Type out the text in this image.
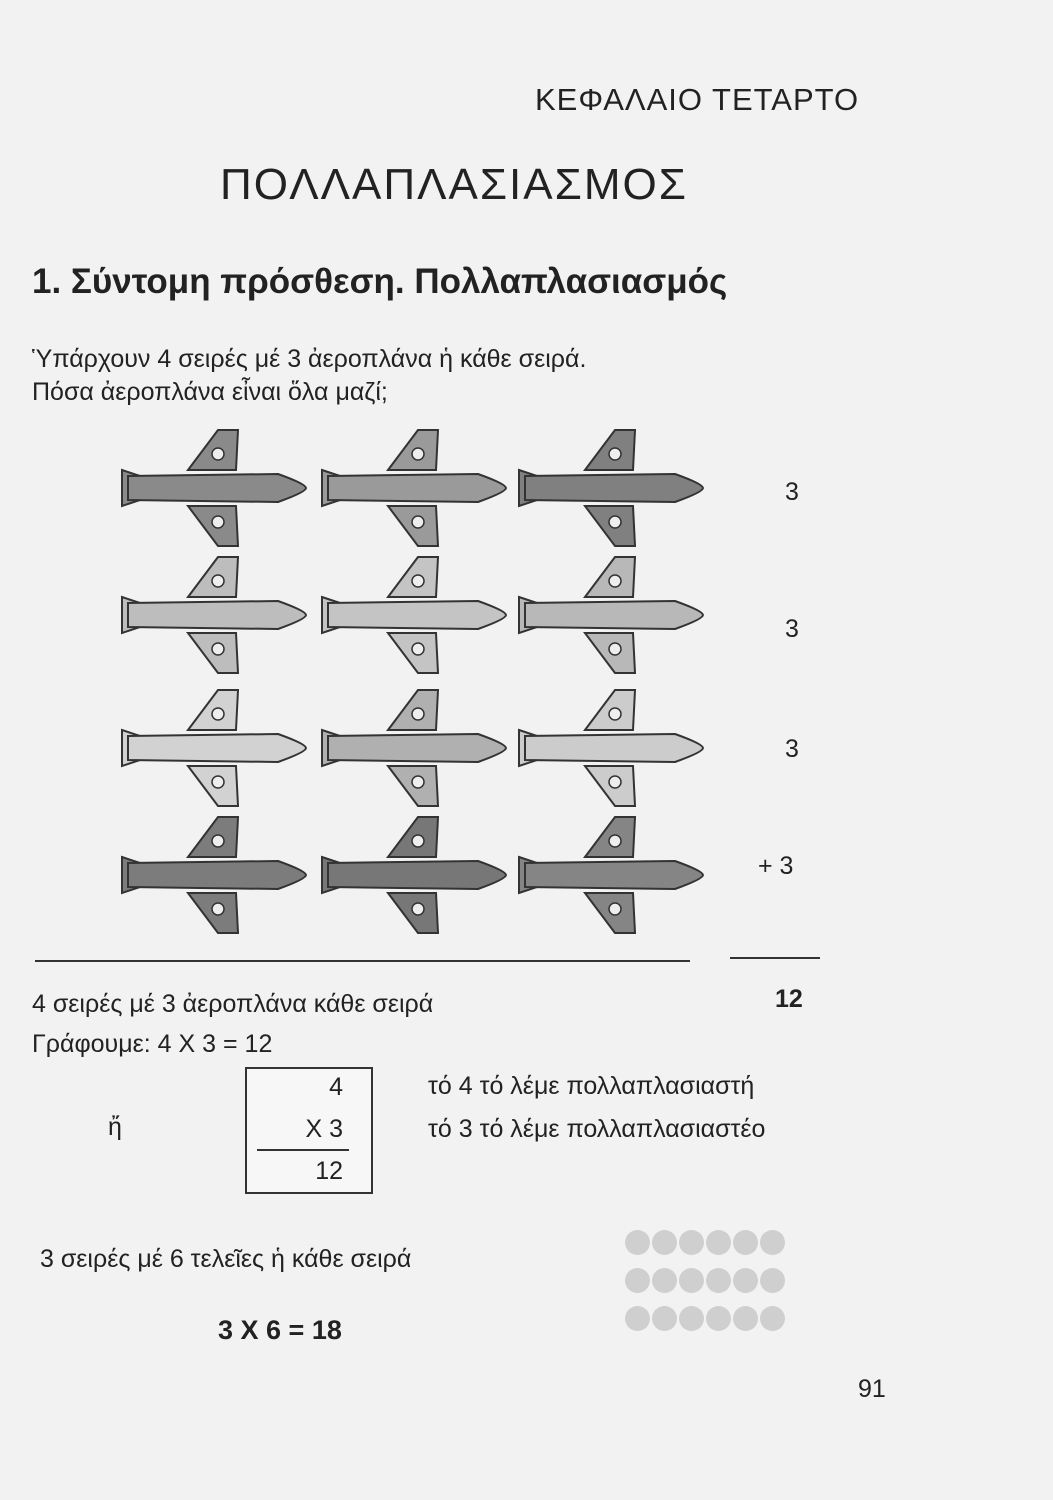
ΚΕΦΑΛΑΙΟ ΤΕΤΑΡΤΟ
ΠΟΛΛΑΠΛΑΣΙΑΣΜΟΣ
1. Σύντομη πρόσθεση. Πολλαπλασιασμός
Ὑπάρχουν 4 σειρές μέ 3 ἀεροπλάνα ἡ κάθε σειρά.
Πόσα ἀεροπλάνα εἶναι ὅλα μαζί;
3
3
3
+ 3
12
4 σειρές μέ 3 ἀεροπλάνα κάθε σειρά
Γράφουμε: 4 Χ 3 = 12
ἤ
4
Χ 3
12
τό 4 τό λέμε πολλαπλασιαστή
τό 3 τό λέμε πολλαπλασιαστέο
3 σειρές μέ 6 τελεῖες ἡ κάθε σειρά
3 Χ 6 = 18
91
